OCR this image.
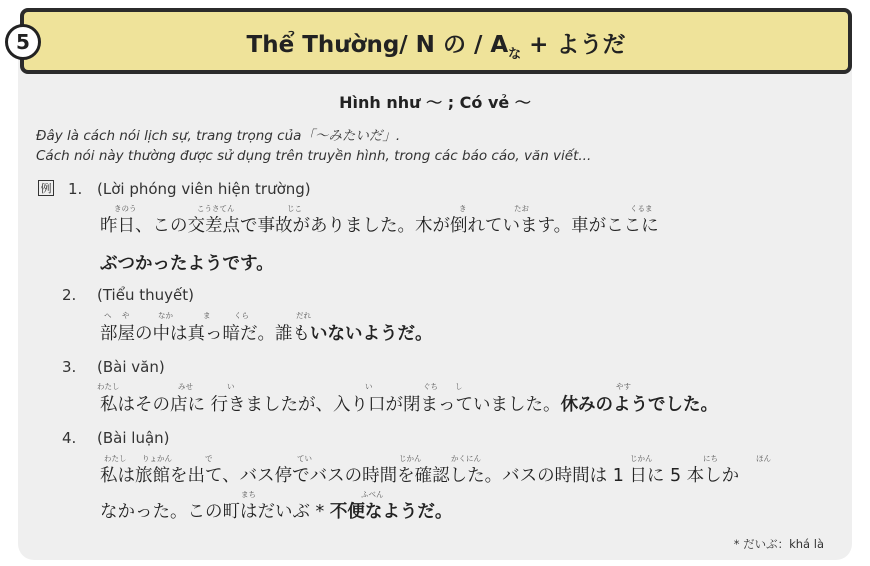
Thể Thường/ N の / $A_な$ + ようだ
5
Hình như ～ ; Có vẻ ～
Đây là cách nói lịch sự, trang trọng của「～みたいだ」.
Cách nói này thường được sử dụng trên truyền hình, trong các báo cáo, văn viết...
例 1. (Lời phóng viên hiện trường)
きのう	こうさてん	じこ	き	たお	くるま
昨日、この交差点で事故がありました。木が倒れています。車がここに
ぶつかったようです。
2. (Tiểu thuyết)
へ や	なか	ま	くら	だれ
部屋の中は真っ暗だ。誰もいないようだ。
3. (Bài văn)
わたし	みせ	い	い	ぐち し	やす
私はその店に 行きましたが、入り口が閉まっていました。休みのようでした。
4. (Bài luận)
わたし りょかん	で	てい	じかん	かくにん	じかん	にち	ほん
まち	ふべん
私は旅館を出て、バス停でバスの時間を確認した。バスの時間は 1 日に 5 本しか
なかった。この町はだいぶ * 不便なようだ。
* だいぶ：khá là
